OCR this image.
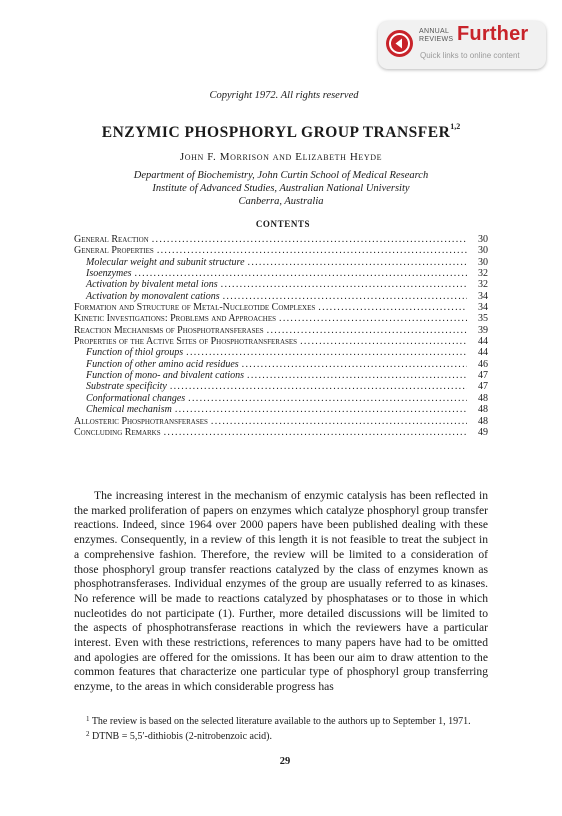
ANNUAL
REVIEWS Further
Quick links to online content
Copyright 1972. All rights reserved
ENZYMIC PHOSPHORYL GROUP TRANSFER$^{1,2}$
John F. Morrison and Elizabeth Heyde
Department of Biochemistry, John Curtin School of Medical Research
Institute of Advanced Studies, Australian National University
Canberra, Australia
CONTENTS
General Reaction . . .	30
General Properties . . .	30
Molecular weight and subunit structure . . .	30
Isoenzymes . . .	32
Activation by bivalent metal ions . . .	32
Activation by monovalent cations . . .	34
Formation and Structure of Metal-Nucleotide Complexes . . .	34
Kinetic Investigations: Problems and Approaches . . .	35
Reaction Mechanisms of Phosphotransferases . . .	39
Properties of the Active Sites of Phosphotransferases . . .	44
Function of thiol groups . . .	44
Function of other amino acid residues . . .	46
Function of mono- and bivalent cations . . .	47
Substrate specificity . . .	47
Conformational changes . . .	48
Chemical mechanism . . .	48
Allosteric Phosphotransferases . . .	48
Concluding Remarks . . .	49

The increasing interest in the mechanism of enzymic catalysis has been reflected in the marked proliferation of papers on enzymes which catalyze phosphoryl group transfer reactions. Indeed, since 1964 over 2000 papers have been published dealing with these enzymes. Consequently, in a review of this length it is not feasible to treat the subject in a comprehensive fashion. Therefore, the review will be limited to a consideration of those phosphoryl group transfer reactions catalyzed by the class of enzymes known as phosphotransferases. Individual enzymes of the group are usually referred to as kinases. No reference will be made to reactions catalyzed by phosphatases or to those in which nucleotides do not participate (1). Further, more detailed discussions will be limited to the aspects of phosphotransferase reactions in which the reviewers have a particular interest. Even with these restrictions, references to many papers have had to be omitted and apologies are offered for the omissions. It has been our aim to draw attention to the common features that characterize one particular type of phosphoryl group transferring enzyme, to the areas in which considerable progress has

$^1$ The review is based on the selected literature available to the authors up to September 1, 1971.
$^2$ DTNB = 5,5′-dithiobis (2-nitrobenzoic acid).
29
